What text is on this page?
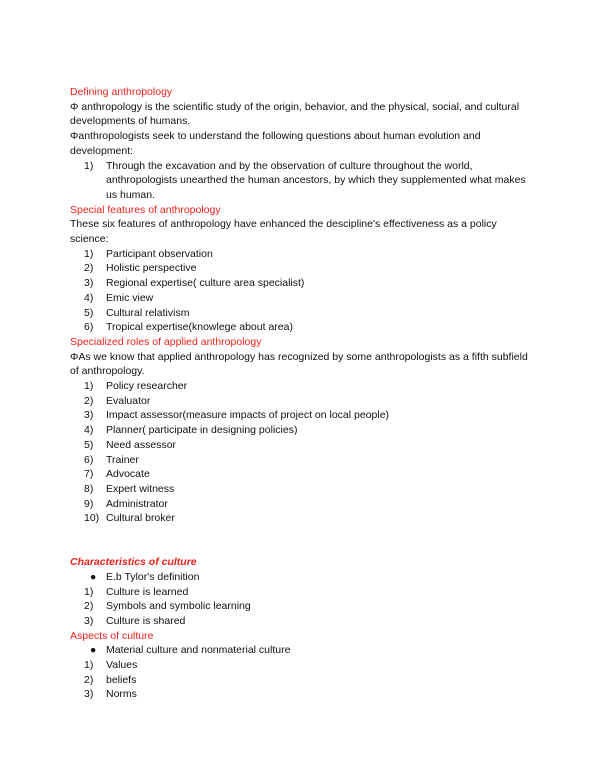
Defining anthropology

Φ anthropology is the scientific study of the origin, behavior, and the physical, social, and cultural developments of humans.

Φanthropologists seek to understand the following questions about human evolution and development:

1)	Through the excavation and by the observation of culture throughout the world, anthropologists unearthed the human ancestors, by which they supplemented what makes us human.
Special features of anthropology

These six features of anthropology have enhanced the descipline's effectiveness as a policy science:

1)	Participant observation
2)	Holistic perspective
3)	Regional expertise( culture area specialist)
4)	Emic view
5)	Cultural relativism
6)	Tropical expertise(knowlege about area)
Specialized roles of applied anthropology

ΦAs we know that applied anthropology has recognized by some anthropologists as a fifth subfield of anthropology.

1)	Policy researcher
2)	Evaluator
3)	Impact assessor(measure impacts of project on local people)
4)	Planner( participate in designing policies)
5)	Need assessor
6)	Trainer
7)	Advocate
8)	Expert witness
9)	Administrator
10) Cultural broker
Characteristics of culture
● E.b Tylor's definition
1)	Culture is learned
2)	Symbols and symbolic learning
3)	Culture is shared
Aspects of culture
● Material culture and nonmaterial culture
1)	Values
2)	beliefs
3)	Norms
